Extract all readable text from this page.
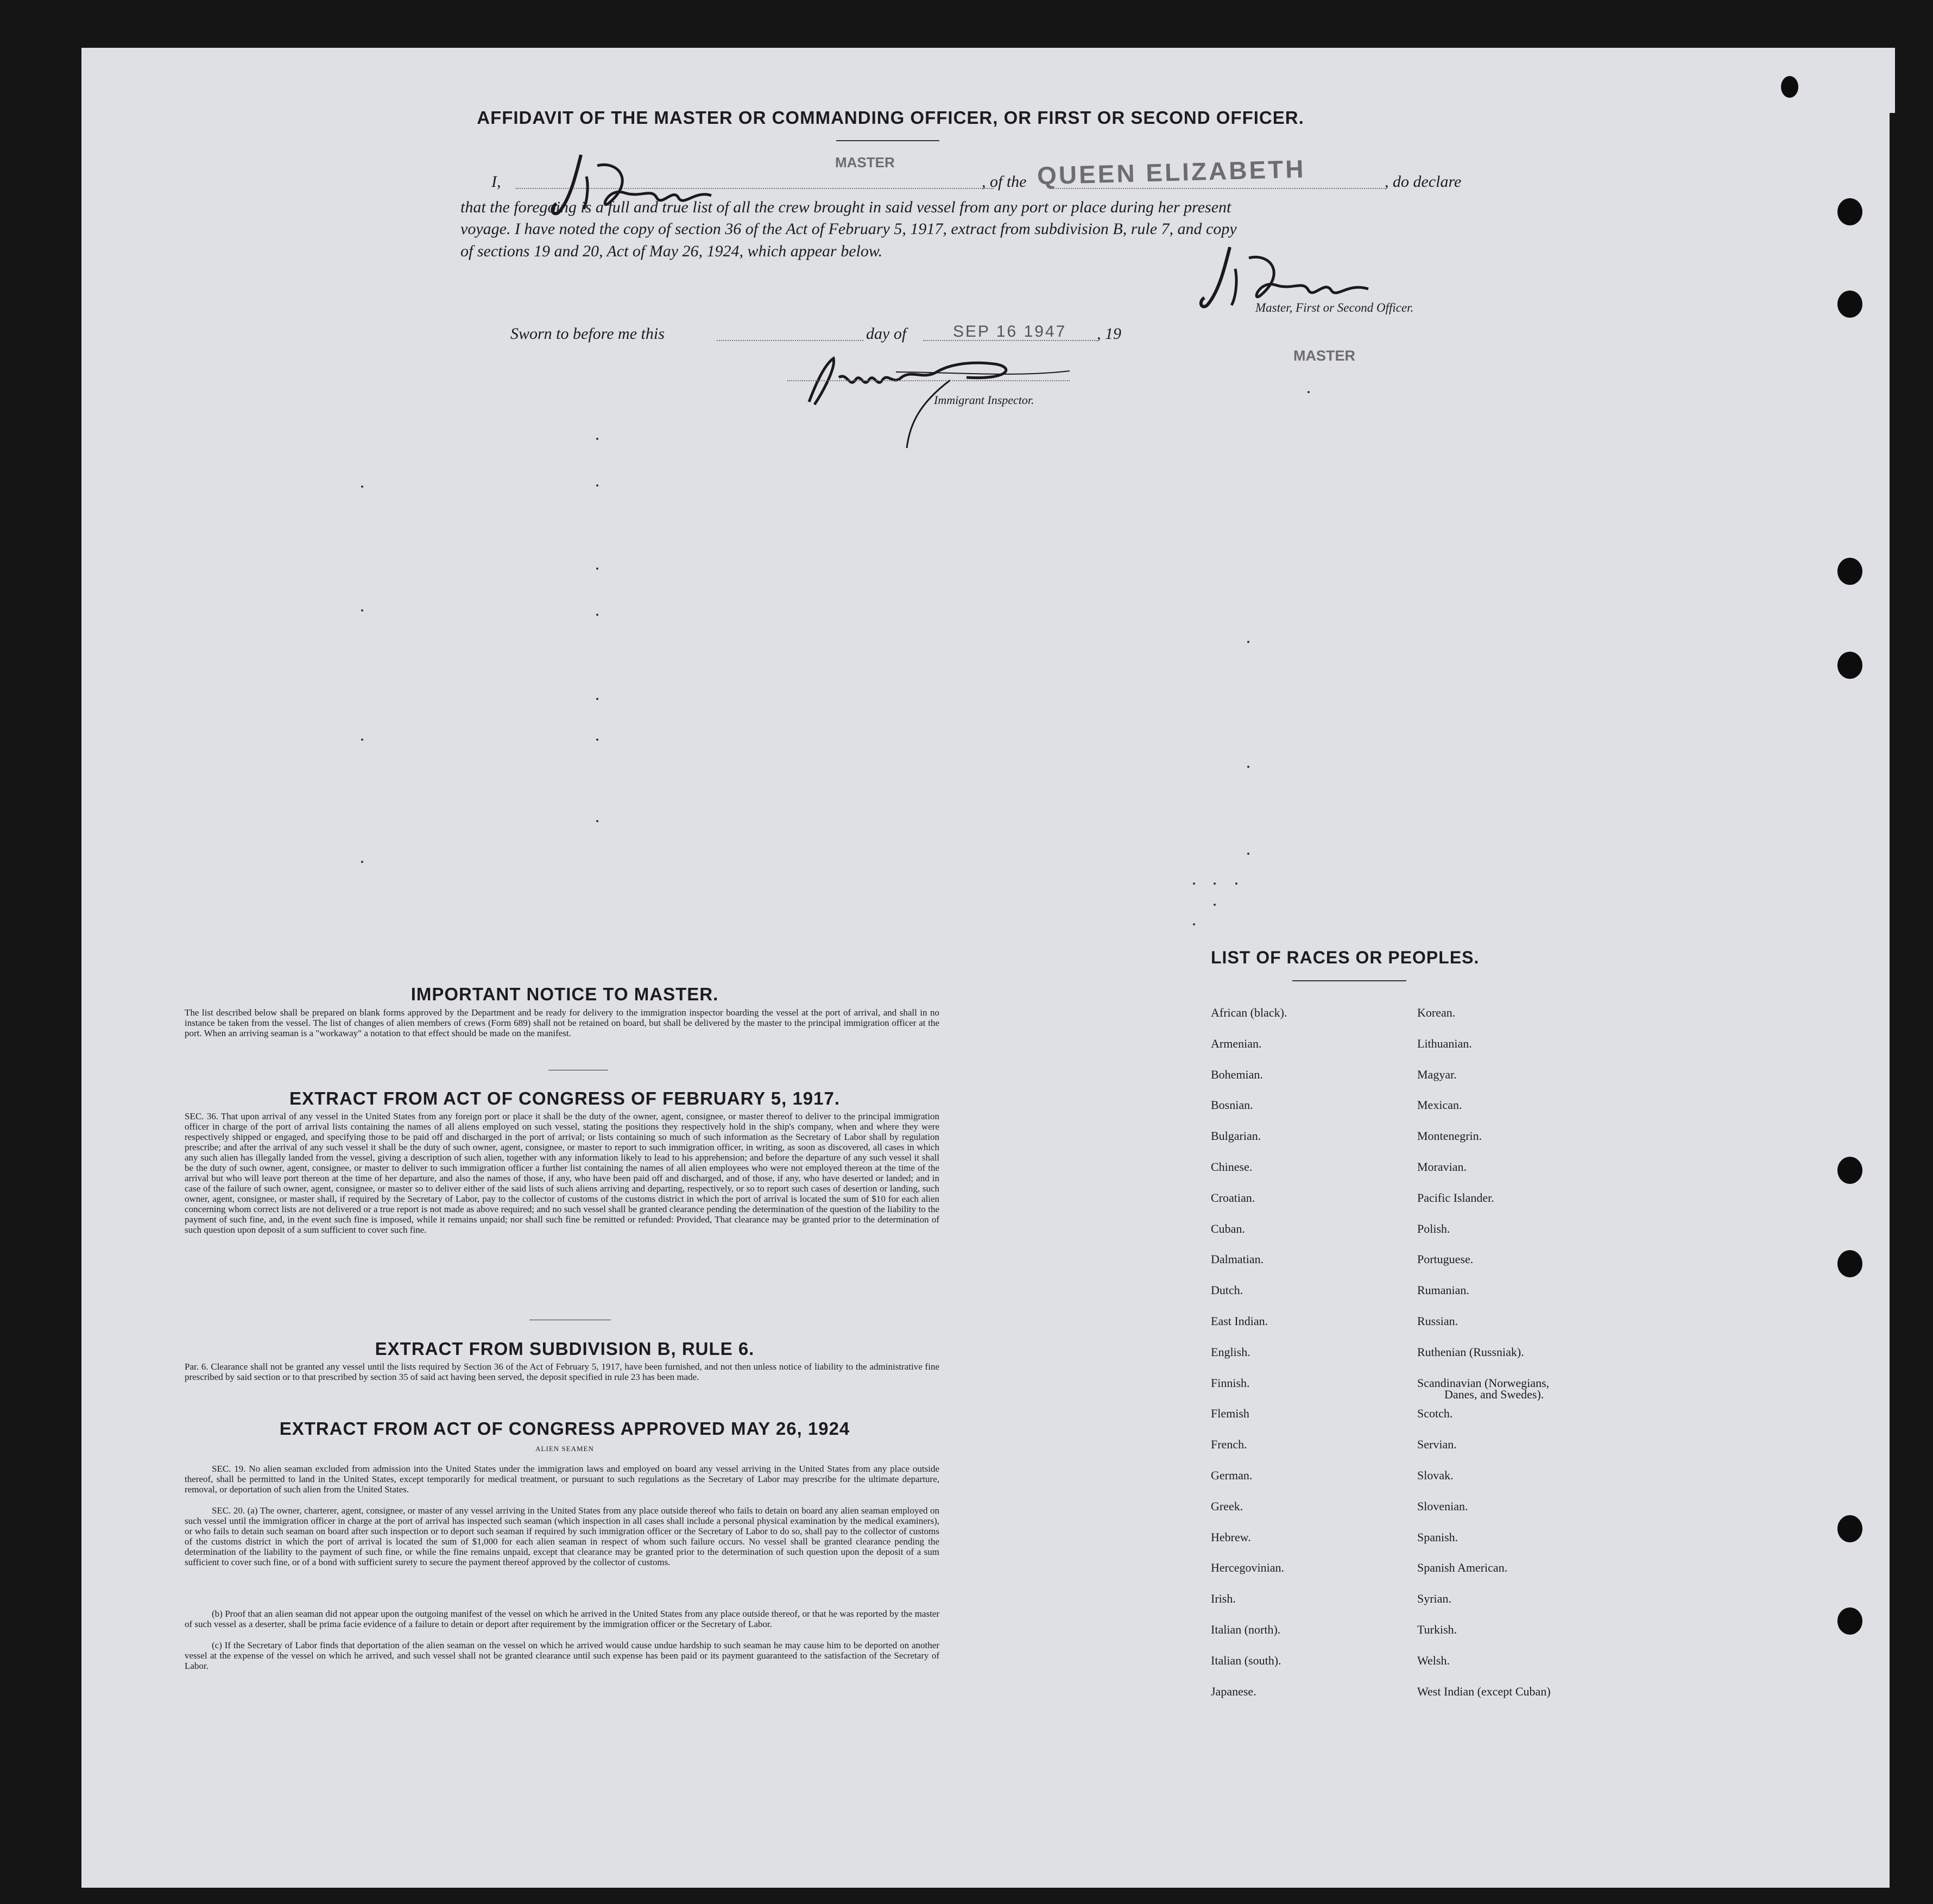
AFFIDAVIT OF THE MASTER OR COMMANDING OFFICER, OR FIRST OR SECOND OFFICER.
I,
MASTER
, of the QUEEN ELIZABETH	, do declare
that the foregoing is a full and true list of all the crew brought in said vessel from any port or place during her present
voyage. I have noted the copy of section 36 of the Act of February 5, 1917, extract from subdivision B, rule 7, and copy
of sections 19 and 20, Act of May 26, 1924, which appear below.
Master, First or Second Officer.
Sworn to before me this	day of	SEP 16 1947 , 19
MASTER
Immigrant Inspector.
IMPORTANT NOTICE TO MASTER.
The list described below shall be prepared on blank forms approved by the Department and be ready for delivery to the immigration inspector boarding the vessel at the port of arrival, and shall in no instance be taken from the vessel. The list of changes of alien members of crews (Form 689) shall not be retained on board, but shall be delivered by the master to the principal immigration officer at the port. When an arriving seaman is a "workaway" a notation to that effect should be made on the manifest.
EXTRACT FROM ACT OF CONGRESS OF FEBRUARY 5, 1917.
SEC. 36. That upon arrival of any vessel in the United States from any foreign port or place it shall be the duty of the owner, agent, consignee, or master thereof to deliver to the principal immigration officer in charge of the port of arrival lists containing the names of all aliens employed on such vessel, stating the positions they respectively hold in the ship's company, when and where they were respectively shipped or engaged, and specifying those to be paid off and discharged in the port of arrival; or lists containing so much of such information as the Secretary of Labor shall by regulation prescribe; and after the arrival of any such vessel it shall be the duty of such owner, agent, consignee, or master to report to such immigration officer, in writing, as soon as discovered, all cases in which any such alien has illegally landed from the vessel, giving a description of such alien, together with any information likely to lead to his apprehension; and before the departure of any such vessel it shall be the duty of such owner, agent, consignee, or master to deliver to such immigration officer a further list containing the names of all alien employees who were not employed thereon at the time of the arrival but who will leave port thereon at the time of her departure, and also the names of those, if any, who have been paid off and discharged, and of those, if any, who have deserted or landed; and in case of the failure of such owner, agent, consignee, or master so to deliver either of the said lists of such aliens arriving and departing, respectively, or so to report such cases of desertion or landing, such owner, agent, consignee, or master shall, if required by the Secretary of Labor, pay to the collector of customs of the customs district in which the port of arrival is located the sum of $10 for each alien concerning whom correct lists are not delivered or a true report is not made as above required; and no such vessel shall be granted clearance pending the determination of the question of the liability to the payment of such fine, and, in the event such fine is imposed, while it remains unpaid; nor shall such fine be remitted or refunded: Provided, That clearance may be granted prior to the determination of such question upon deposit of a sum sufficient to cover such fine.
EXTRACT FROM SUBDIVISION B, RULE 6.
Par. 6. Clearance shall not be granted any vessel until the lists required by Section 36 of the Act of February 5, 1917, have been furnished, and not then unless notice of liability to the administrative fine prescribed by said section or to that prescribed by section 35 of said act having been served, the deposit specified in rule 23 has been made.
EXTRACT FROM ACT OF CONGRESS APPROVED MAY 26, 1924
ALIEN SEAMEN
SEC. 19. No alien seaman excluded from admission into the United States under the immigration laws and employed on board any vessel arriving in the United States from any place outside thereof, shall be permitted to land in the United States, except temporarily for medical treatment, or pursuant to such regulations as the Secretary of Labor may prescribe for the ultimate departure, removal, or deportation of such alien from the United States.
SEC. 20. (a) The owner, charterer, agent, consignee, or master of any vessel arriving in the United States from any place outside thereof who fails to detain on board any alien seaman employed on such vessel until the immigration officer in charge at the port of arrival has inspected such seaman (which inspection in all cases shall include a personal physical examination by the medical examiners), or who fails to detain such seaman on board after such inspection or to deport such seaman if required by such immigration officer or the Secretary of Labor to do so, shall pay to the collector of customs of the customs district in which the port of arrival is located the sum of $1,000 for each alien seaman in respect of whom such failure occurs. No vessel shall be granted clearance pending the determination of the liability to the payment of such fine, or while the fine remains unpaid, except that clearance may be granted prior to the determination of such question upon the deposit of a sum sufficient to cover such fine, or of a bond with sufficient surety to secure the payment thereof approved by the collector of customs.
(b) Proof that an alien seaman did not appear upon the outgoing manifest of the vessel on which he arrived in the United States from any place outside thereof, or that he was reported by the master of such vessel as a deserter, shall be prima facie evidence of a failure to detain or deport after requirement by the immigration officer or the Secretary of Labor.
(c) If the Secretary of Labor finds that deportation of the alien seaman on the vessel on which he arrived would cause undue hardship to such seaman he may cause him to be deported on another vessel at the expense of the vessel on which he arrived, and such vessel shall not be granted clearance until such expense has been paid or its payment guaranteed to the satisfaction of the Secretary of Labor.
LIST OF RACES OR PEOPLES.
African (black).
Armenian.
Bohemian.
Bosnian.
Bulgarian.
Chinese.
Croatian.
Cuban.
Dalmatian.
Dutch.
East Indian.
English.
Finnish.
Flemish
French.
German.
Greek.
Hebrew.
Hercegovinian.
Irish.
Italian (north).
Italian (south).
Japanese.
Korean.
Lithuanian.
Magyar.
Mexican.
Montenegrin.
Moravian.
Pacific Islander.
Polish.
Portuguese.
Rumanian.
Russian.
Ruthenian (Russniak).
Scandinavian (Norwegians,
Scotch.
Servian.
Slovak.
Slovenian.
Spanish.
Spanish American.
Syrian.
Turkish.
Welsh.
West Indian (except Cuban)
Danes, and Swedes).
